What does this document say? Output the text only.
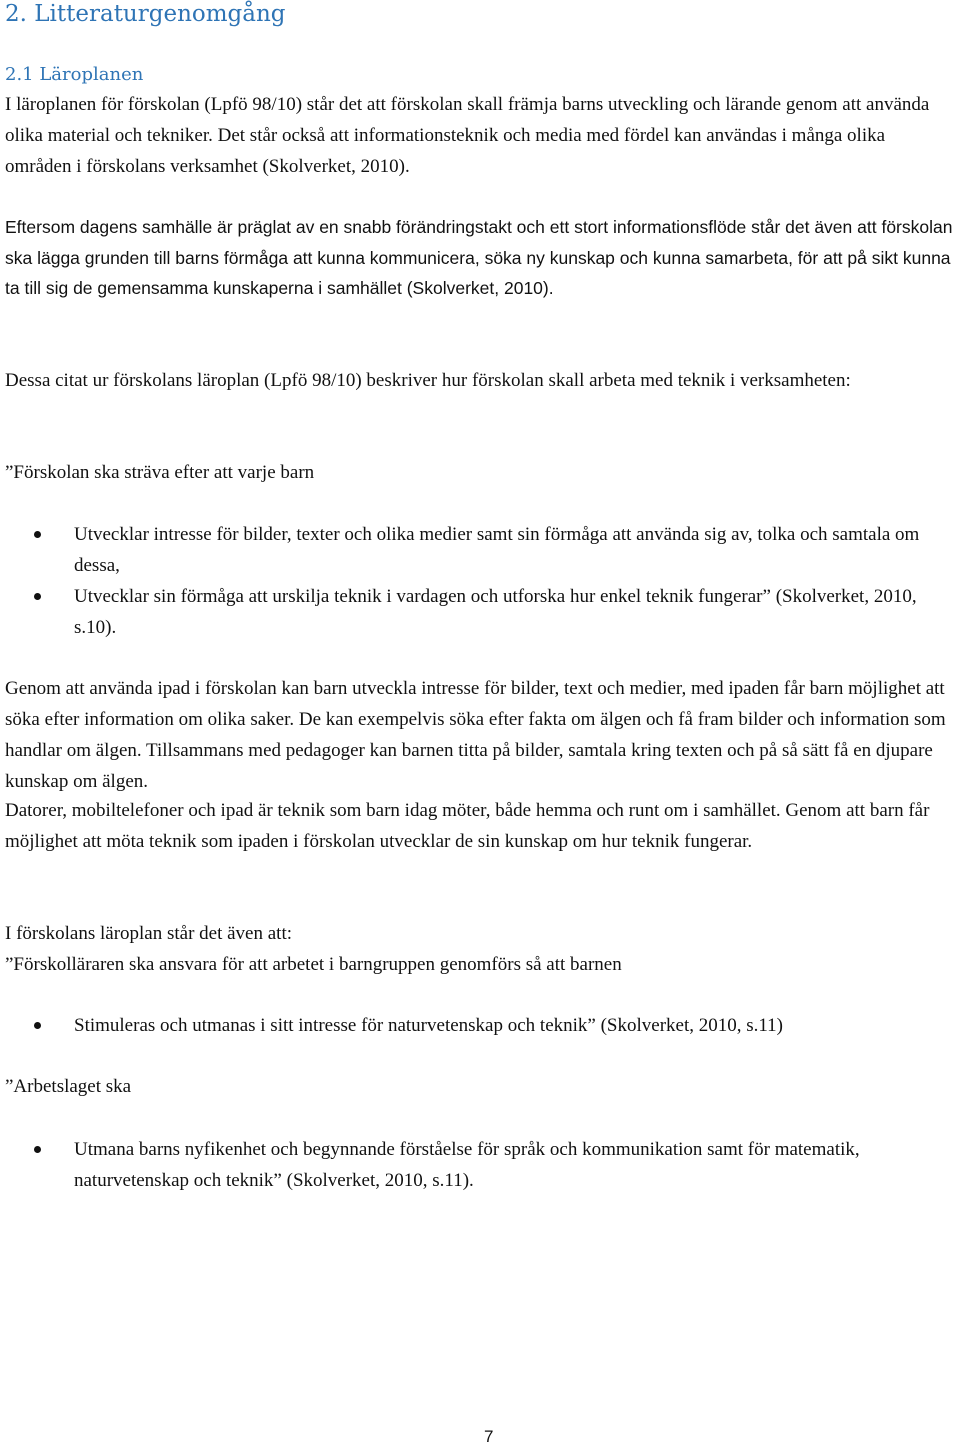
2. Litteraturgenomgång
2.1 Läroplanen

I läroplanen för förskolan (Lpfö 98/10) står det att förskolan skall främja barns utveckling och lärande genom att använda olika material och tekniker. Det står också att informationsteknik och media med fördel kan användas i många olika områden i förskolans verksamhet (Skolverket, 2010).

Eftersom dagens samhälle är präglat av en snabb förändringstakt och ett stort informationsflöde står det även att förskolan ska lägga grunden till barns förmåga att kunna kommunicera, söka ny kunskap och kunna samarbeta, för att på sikt kunna ta till sig de gemensamma kunskaperna i samhället (Skolverket, 2010).

Dessa citat ur förskolans läroplan (Lpfö 98/10) beskriver hur förskolan skall arbeta med teknik i verksamheten:

”Förskolan ska sträva efter att varje barn

Utvecklar intresse för bilder, texter och olika medier samt sin förmåga att använda sig av, tolka och samtala om dessa,
Utvecklar sin förmåga att urskilja teknik i vardagen och utforska hur enkel teknik fungerar” (Skolverket, 2010, s.10).

Genom att använda ipad i förskolan kan barn utveckla intresse för bilder, text och medier, med ipaden får barn möjlighet att söka efter information om olika saker. De kan exempelvis söka efter fakta om älgen och få fram bilder och information som handlar om älgen. Tillsammans med pedagoger kan barnen titta på bilder, samtala kring texten och på så sätt få en djupare kunskap om älgen.

Datorer, mobiltelefoner och ipad är teknik som barn idag möter, både hemma och runt om i samhället. Genom att barn får möjlighet att möta teknik som ipaden i förskolan utvecklar de sin kunskap om hur teknik fungerar.

I förskolans läroplan står det även att:

”Förskolläraren ska ansvara för att arbetet i barngruppen genomförs så att barnen

Stimuleras och utmanas i sitt intresse för naturvetenskap och teknik” (Skolverket, 2010, s.11)

”Arbetslaget ska

Utmana barns nyfikenhet och begynnande förståelse för språk och kommunikation samt för matematik, naturvetenskap och teknik” (Skolverket, 2010, s.11).
7
